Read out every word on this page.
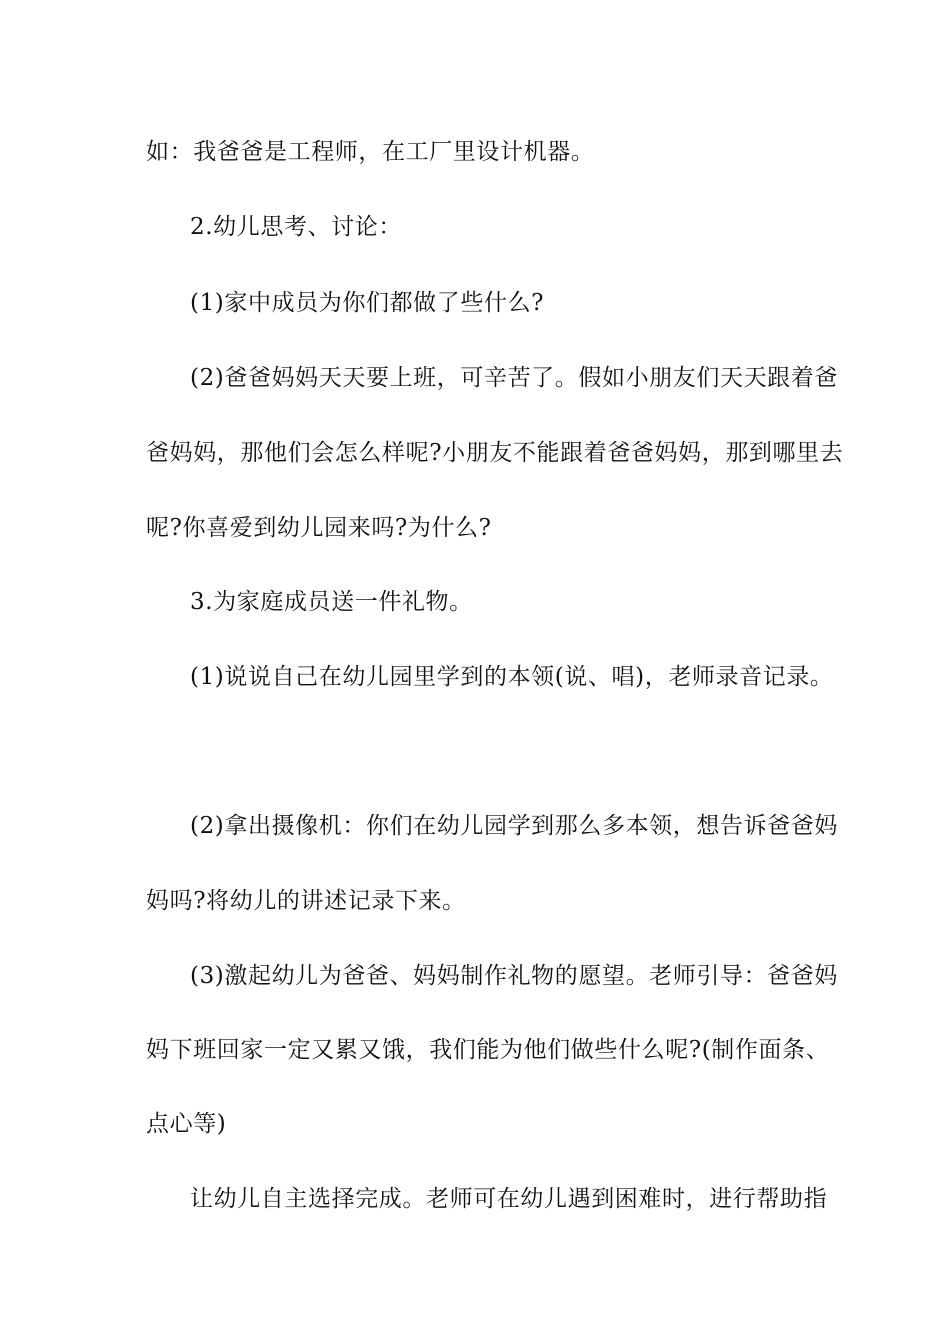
如：我爸爸是工程师，在工厂里设计机器。
2.幼儿思考、讨论：
(1)家中成员为你们都做了些什么?
(2)爸爸妈妈天天要上班，可辛苦了。假如小朋友们天天跟着爸
爸妈妈，那他们会怎么样呢?小朋友不能跟着爸爸妈妈，那到哪里去
呢?你喜爱到幼儿园来吗?为什么?
3.为家庭成员送一件礼物。
(1)说说自己在幼儿园里学到的本领(说、唱)，老师录音记录。
(2)拿出摄像机：你们在幼儿园学到那么多本领，想告诉爸爸妈
妈吗?将幼儿的讲述记录下来。
(3)激起幼儿为爸爸、妈妈制作礼物的愿望。老师引导：爸爸妈
妈下班回家一定又累又饿，我们能为他们做些什么呢?(制作面条、
点心等)
让幼儿自主选择完成。老师可在幼儿遇到困难时，进行帮助指
